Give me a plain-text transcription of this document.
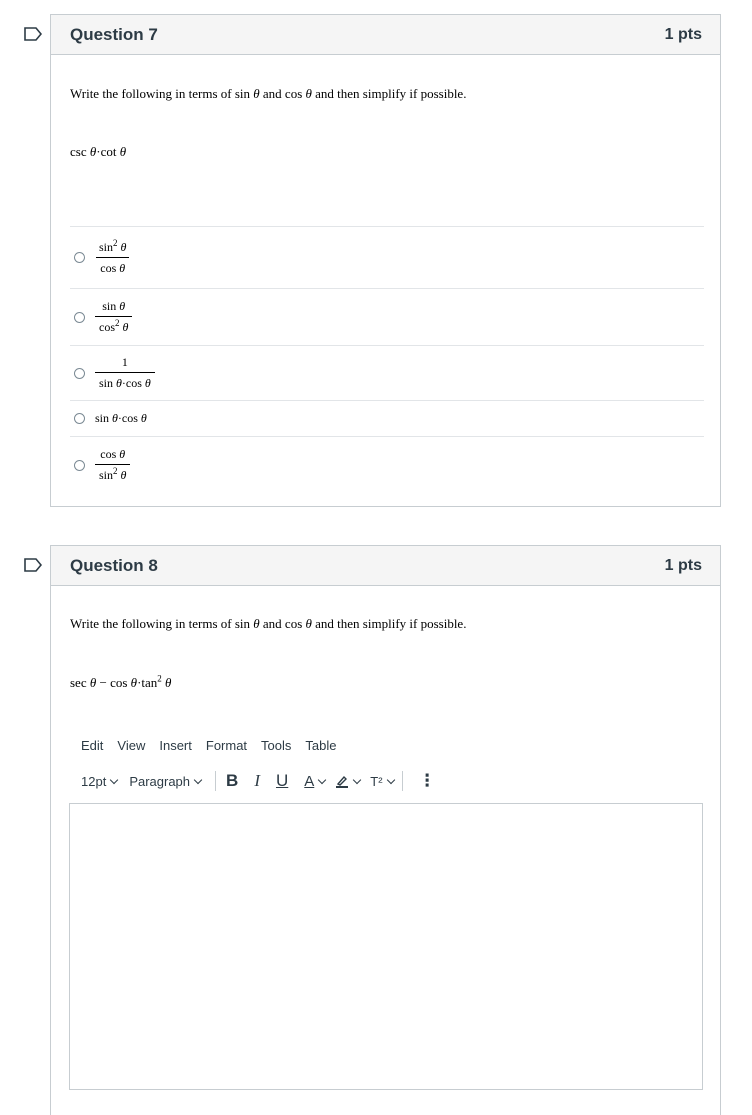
Question 7	1 pts
Write the following in terms of sin θ and cos θ and then simplify if possible.
csc θ·cot θ
$\frac{\sin^2 \theta}{\text{cos θ}}$
$\frac{\text{sin θ}}{\cos^2 \theta}$
$\frac{1}{\text{sin θ·cos θ}}$
sin θ·cos θ
$\frac{\text{cos θ}}{\sin^2 \theta}$
Question 8	1 pts
Write the following in terms of sin θ and cos θ and then simplify if possible.
$\sec \theta - \cos \theta\cdot\tan^2$ θ
Edit View Insert Format Tools Table
12pt Paragraph B I U A	T² ⋮
